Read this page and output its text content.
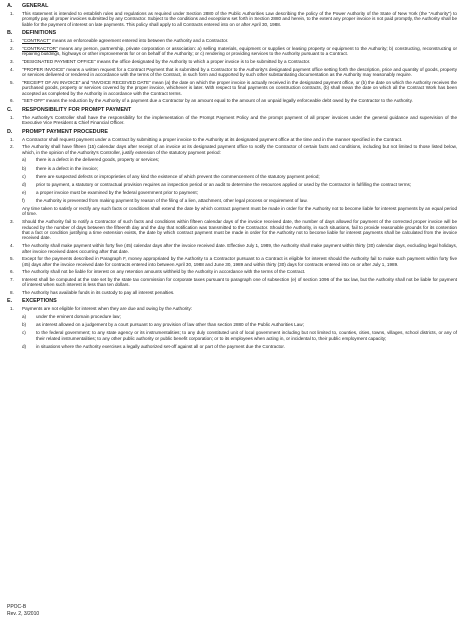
A.	GENERAL
1.	This statement is intended to establish rules and regulations as required under Section 2880 of the Public Authorities Law describing the policy of the Power Authority of the State of New York (the "Authority") to promptly pay all proper invoices submitted by any Contractor. Subject to the conditions and exceptions set forth in Section 2880 and herein, to the extent any proper invoice is not paid promptly, the Authority shall be liable for the payment of interest on late payments. This policy shall apply to all Contracts entered into on or after April 30, 1988.
B.	DEFINITIONS
1.	"CONTRACT" means an enforceable agreement entered into between the Authority and a Contractor.
2.	"CONTRACTOR" means any person, partnership, private corporation or association: a) selling materials, equipment or supplies or leasing property or equipment to the Authority; b) constructing, reconstructing or repairing buildings, highways or other improvements for or on behalf of the Authority; or c) rendering or providing services to the Authority pursuant to a Contract.
3.	"DESIGNATED PAYMENT OFFICE" means the office designated by the Authority to which a proper invoice is to be submitted by a Contractor.
4.	"PROPER INVOICE" means a written request for a Contract Payment that is submitted by a Contractor to the Authority's designated payment office setting forth the description, price and quantity of goods, property or services delivered or rendered in accordance with the terms of the Contract, in such form and supported by such other substantiating documentation as the Authority may reasonably require.
5.	"RECEIPT OF AN INVOICE" and "INVOICE RECEIVED DATE" mean (a) the date on which the proper invoice is actually received in the designated payment office, or (b) the date on which the Authority receives the purchased goods, property or services covered by the proper invoice, whichever is later. With respect to final payments on construction contracts, (b) shall mean the date on which all the Contract Work has been accepted as completed by the Authority in accordance with the Contract terms.
6.	"SET-OFF" means the reduction by the Authority of a payment due a Contractor by an amount equal to the amount of an unpaid legally enforceable debt owed by the Contractor to the Authority.
C.	RESPONSIBILITY FOR PROMPT PAYMENT
1.	The Authority's Controller shall have the responsibility for the implementation of the Prompt Payment Policy and the prompt payment of all proper invoices under the general guidance and supervision of the Executive Vice President & Chief Financial Officer.
D.	PROMPT PAYMENT PROCEDURE
1.	A Contractor shall request payment under a Contract by submitting a proper invoice to the Authority at its designated payment office at the time and in the manner specified in the Contract.
2.	The Authority shall have fifteen (15) calendar days after receipt of an invoice at its designated payment office to notify the Contractor of certain facts and conditions, including but not limited to those listed below, which, in the opinion of the Authority's Controller, justify extension of the statutory payment period:
a)	there is a defect in the delivered goods, property or services;
b)	there is a defect in the invoice;
c)	there are suspected defects or improprieties of any kind the existence of which prevent the commencement of the statutory payment period;
d)	prior to payment, a statutory or contractual provision requires an inspection period or an audit to determine the resources applied or used by the Contractor in fulfilling the contract terms;
e)	a proper invoice must be examined by the federal government prior to payment;
f)	the Authority is prevented from making payment by reason of the filing of a lien, attachment, other legal process or requirement of law.
Any time taken to satisfy or rectify any such facts or conditions shall extend the date by which contract payment must be made in order for the Authority not to become liable for interest payments by an equal period of time.
3.	Should the Authority fail to notify a Contractor of such facts and conditions within fifteen calendar days of the invoice received date, the number of days allowed for payment of the corrected proper invoice will be reduced by the number of days between the fifteenth day and the day that notification was transmitted to the Contractor. Should the Authority, in such situations, fail to provide reasonable grounds for its contention that a fact or condition justifying a time extension exists, the date by which contract payment must be made in order for the Authority not to become liable for interest payments shall be calculated from the invoice received date.
4.	The Authority shall make payment within forty five (45) calendar days after the invoice received date. Effective July 1, 1989, the Authority shall make payment within thirty (30) calendar days, excluding legal holidays, after invoice received dates occurring after that date.
5.	Except for the payments described in Paragraph F, money appropriated by the Authority to a Contractor pursuant to a Contract is eligible for interest should the Authority fail to make such payment within forty five (45) days after the invoice received date for contracts entered into between April 30, 1988 and June 30, 1989 and within thirty (30) days for contracts entered into on or after July 1, 1989.
6.	The Authority shall not be liable for interest on any retention amounts withheld by the Authority in accordance with the terms of the Contract.
7.	Interest shall be computed at the rate set by the state tax commission for corporate taxes pursuant to paragraph one of subsection (e) of section 1096 of the tax law, but the Authority shall not be liable for payment of interest when such interest is less than ten dollars.
8.	The Authority has available funds in its custody to pay all interest penalties.
E.	EXCEPTIONS
1.	Payments are not eligible for interest when they are due and owing by the Authority:
a)	under the eminent domain procedure law;
b)	as interest allowed on a judgement by a court pursuant to any provision of law other than section 2880 of the Public Authorities Law;
c)	to the federal government; to any state agency or its instrumentalities; to any duly constituted unit of local government including but not limited to, counties, cities, towns, villages, school districts, or any of their related instrumentalities; to any other public authority or public benefit corporation; or to its employees when acting in, or incidental to, their public employment capacity;
d)	in situations where the Authority exercises a legally authorized set-off against all or part of the payment due the Contractor.
PPOC-B
Rev. 2, 3/2010
